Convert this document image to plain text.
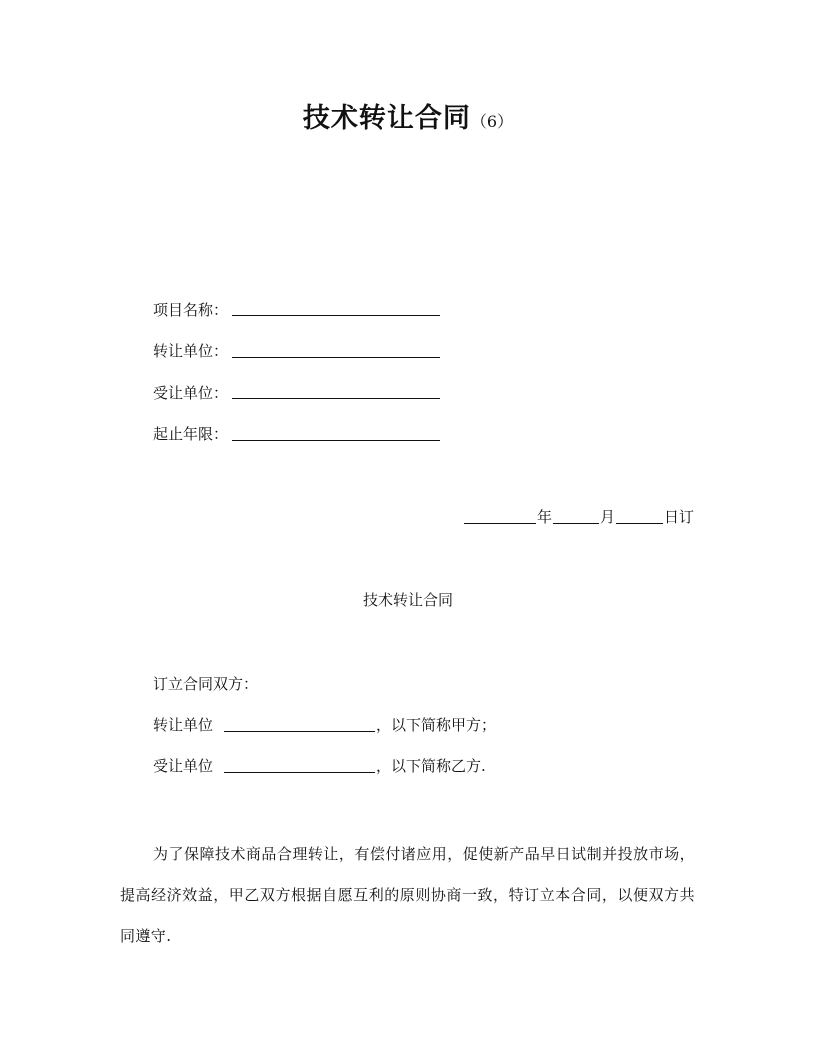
技术转让合同（6）
项目名称：
转让单位：
受让单位：
起止年限：
年	月	日订
技术转让合同
订立合同双方：
转让单位	，以下简称甲方；
受让单位	，以下简称乙方.
为了保障技术商品合理转让，有偿付诸应用，促使新产品早日试制并投放市场，提高经济效益，甲乙双方根据自愿互利的原则协商一致，特订立本合同，以便双方共同遵守.
